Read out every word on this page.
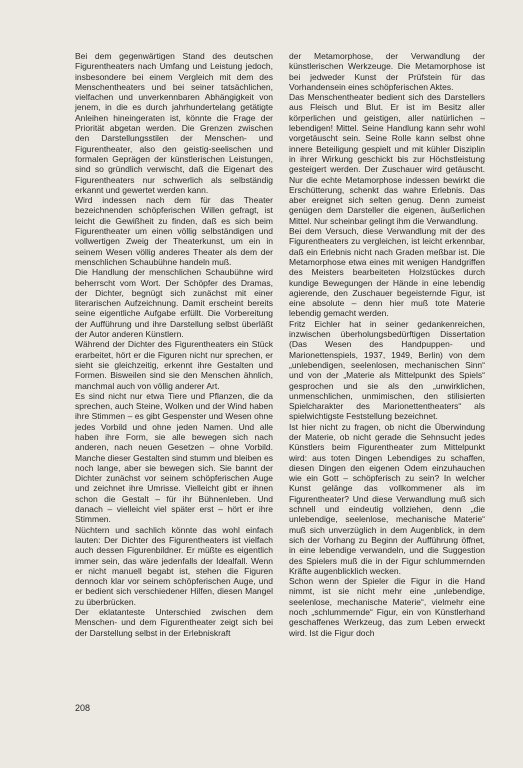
Bei dem gegenwärtigen Stand des deutschen Figurentheaters nach Umfang und Leistung jedoch, insbesondere bei einem Vergleich mit dem des Menschentheaters und bei seiner tatsächlichen, vielfachen und unverkennbaren Abhängigkeit von jenem, in die es durch jahrhundertelang getätigte Anleihen hineingeraten ist, könnte die Frage der Priorität abgetan werden. Die Grenzen zwischen den Darstellungsstilen der Menschen- und Figurentheater, also den geistig-seelischen und formalen Geprägen der künstlerischen Leistungen, sind so gründlich verwischt, daß die Eigenart des Figurentheaters nur schwerlich als selbständig erkannt und gewertet werden kann.

Wird indessen nach dem für das Theater bezeichnenden schöpferischen Willen gefragt, ist leicht die Gewißheit zu finden, daß es sich beim Figurentheater um einen völlig selbständigen und vollwertigen Zweig der Theaterkunst, um ein in seinem Wesen völlig anderes Theater als dem der menschlichen Schaubühne handeln muß.

Die Handlung der menschlichen Schaubühne wird beherrscht vom Wort. Der Schöpfer des Dramas, der Dichter, begnügt sich zunächst mit einer literarischen Aufzeichnung. Damit erscheint bereits seine eigentliche Aufgabe erfüllt. Die Vorbereitung der Aufführung und ihre Darstellung selbst überläßt der Autor anderen Künstlern.

Während der Dichter des Figurentheaters ein Stück erarbeitet, hört er die Figuren nicht nur sprechen, er sieht sie gleichzeitig, erkennt ihre Gestalten und Formen. Bisweilen sind sie den Menschen ähnlich, manchmal auch von völlig anderer Art.

Es sind nicht nur etwa Tiere und Pflanzen, die da sprechen, auch Steine, Wolken und der Wind haben ihre Stimmen – es gibt Gespenster und Wesen ohne jedes Vorbild und ohne jeden Namen. Und alle haben ihre Form, sie alle bewegen sich nach anderen, nach neuen Gesetzen – ohne Vorbild. Manche dieser Gestalten sind stumm und bleiben es noch lange, aber sie bewegen sich. Sie bannt der Dichter zunächst vor seinem schöpferischen Auge und zeichnet ihre Umrisse. Vielleicht gibt er ihnen schon die Gestalt – für ihr Bühnenleben. Und danach – vielleicht viel später erst – hört er ihre Stimmen.

Nüchtern und sachlich könnte das wohl einfach lauten: Der Dichter des Figurentheaters ist vielfach auch dessen Figurenbildner. Er müßte es eigentlich immer sein, das wäre jedenfalls der Idealfall. Wenn er nicht manuell begabt ist, stehen die Figuren dennoch klar vor seinem schöpferischen Auge, und er bedient sich verschiedener Hilfen, diesen Mangel zu überbrücken.

Der eklatanteste Unterschied zwischen dem Menschen- und dem Figurentheater zeigt sich bei der Darstellung selbst in der Erlebniskraft

der Metamorphose, der Verwandlung der künstlerischen Werkzeuge. Die Metamorphose ist bei jedweder Kunst der Prüfstein für das Vorhandensein eines schöpferischen Aktes.

Das Menschentheater bedient sich des Darstellers aus Fleisch und Blut. Er ist im Besitz aller körperlichen und geistigen, aller natürlichen – lebendigen! Mittel. Seine Handlung kann sehr wohl vorgetäuscht sein. Seine Rolle kann selbst ohne innere Beteiligung gespielt und mit kühler Disziplin in ihrer Wirkung geschickt bis zur Höchstleistung gesteigert werden. Der Zuschauer wird getäuscht. Nur die echte Metamorphose indessen bewirkt die Erschütterung, schenkt das wahre Erlebnis. Das aber ereignet sich selten genug. Denn zumeist genügen dem Darsteller die eigenen, äußerlichen Mittel. Nur scheinbar gelingt ihm die Verwandlung.

Bei dem Versuch, diese Verwandlung mit der des Figurentheaters zu vergleichen, ist leicht erkennbar, daß ein Erlebnis nicht nach Graden meßbar ist. Die Metamorphose etwa eines mit wenigen Handgriffen des Meisters bearbeiteten Holzstückes durch kundige Bewegungen der Hände in eine lebendig agierende, den Zuschauer begeisternde Figur, ist eine absolute – denn hier muß tote Materie lebendig gemacht werden.

Fritz Eichler hat in seiner gedankenreichen, inzwischen überholungsbedürftigen Dissertation (Das Wesen des Handpuppen- und Marionettenspiels, 1937, 1949, Berlin) von dem „unlebendigen, seelenlosen, mechanischen Sinn“ und von der „Materie als Mittelpunkt des Spiels“ gesprochen und sie als den „unwirklichen, unmenschlichen, unmimischen, den stilisierten Spielcharakter des Marionettentheaters“ als spielwichtigste Feststellung bezeichnet.

Ist hier nicht zu fragen, ob nicht die Überwindung der Materie, ob nicht gerade die Sehnsucht jedes Künstlers beim Figurentheater zum Mittelpunkt wird: aus toten Dingen Lebendiges zu schaffen, diesen Dingen den eigenen Odem einzuhauchen wie ein Gott – schöpferisch zu sein? In welcher Kunst gelänge das vollkommener als im Figurentheater? Und diese Verwandlung muß sich schnell und eindeutig vollziehen, denn „die unlebendige, seelenlose, mechanische Materie“ muß sich unverzüglich in dem Augenblick, in dem sich der Vorhang zu Beginn der Aufführung öffnet, in eine lebendige verwandeln, und die Suggestion des Spielers muß die in der Figur schlummernden Kräfte augenblicklich wecken.

Schon wenn der Spieler die Figur in die Hand nimmt, ist sie nicht mehr eine „unlebendige, seelenlose, mechanische Materie“, vielmehr eine noch „schlummernde“ Figur, ein von Künstlerhand geschaffenes Werkzeug, das zum Leben erweckt wird. Ist die Figur doch

208
